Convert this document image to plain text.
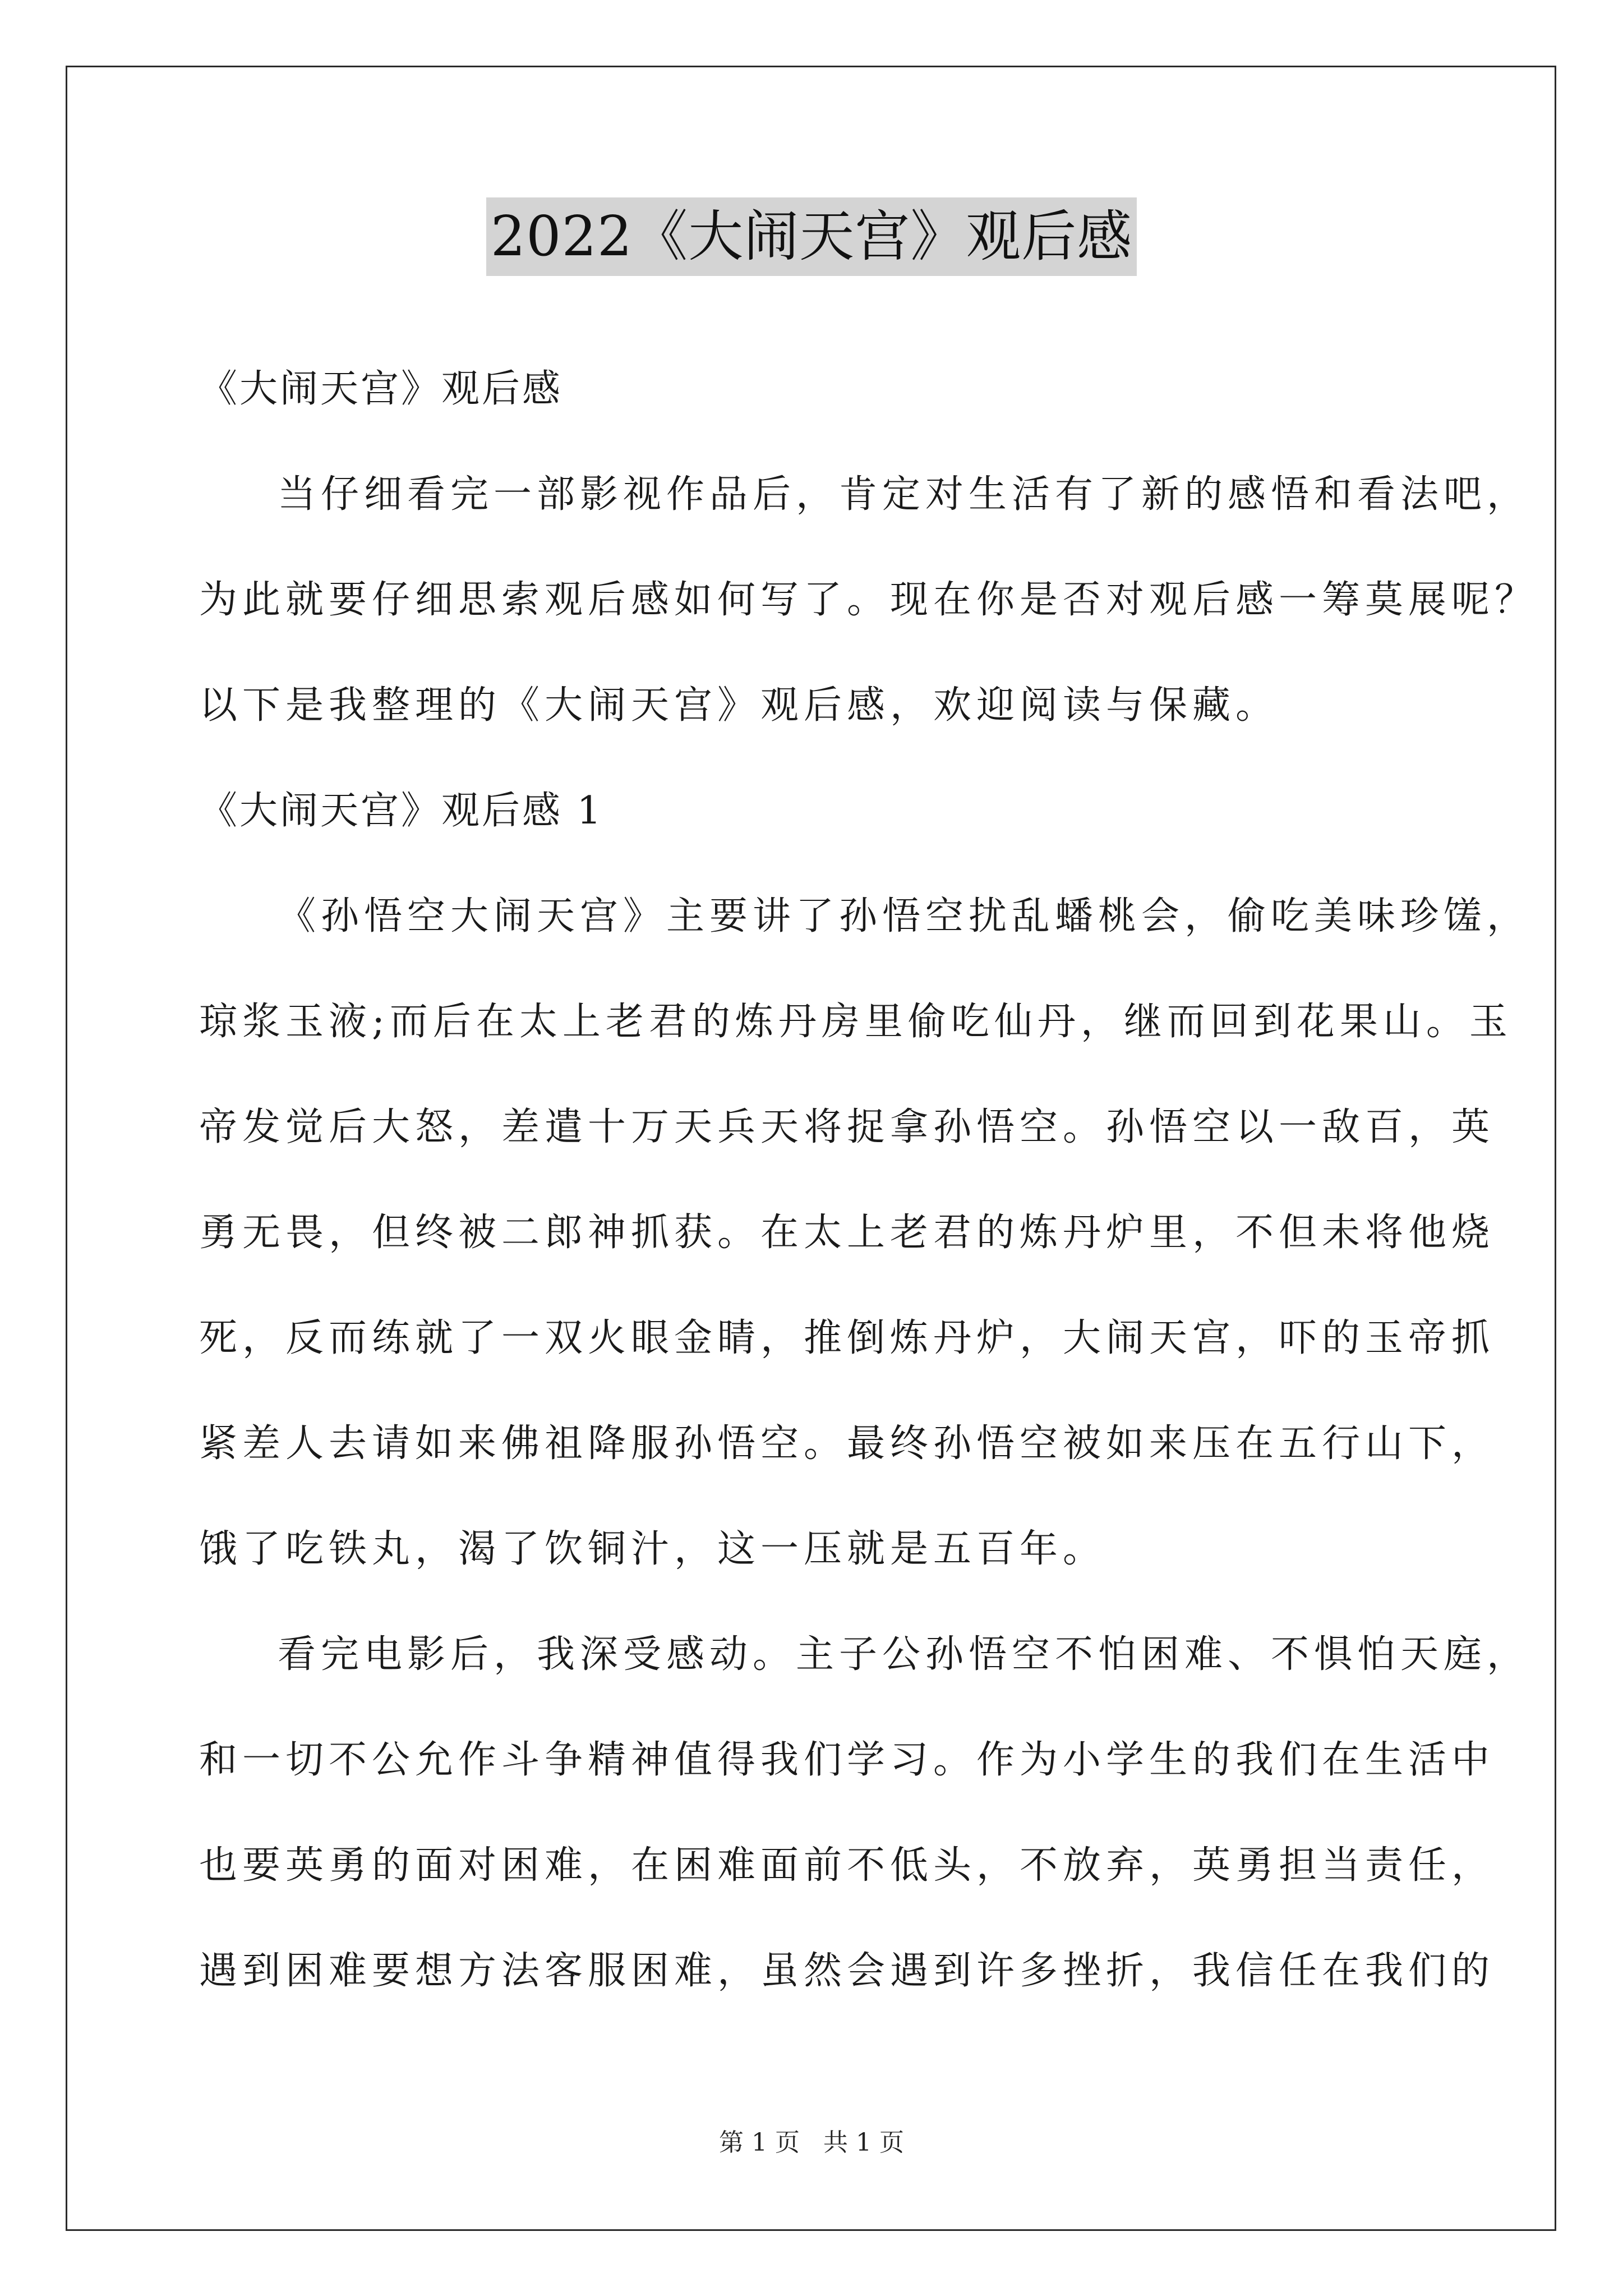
2022《大闹天宫》观后感
《大闹天宫》观后感
当仔细看完一部影视作品后，肯定对生活有了新的感悟和看法吧，
为此就要仔细思索观后感如何写了。现在你是否对观后感一筹莫展呢？
以下是我整理的《大闹天宫》观后感，欢迎阅读与保藏。
《大闹天宫》观后感 1
《孙悟空大闹天宫》主要讲了孙悟空扰乱蟠桃会，偷吃美味珍馐，
琼浆玉液;而后在太上老君的炼丹房里偷吃仙丹，继而回到花果山。玉
帝发觉后大怒，差遣十万天兵天将捉拿孙悟空。孙悟空以一敌百，英
勇无畏，但终被二郎神抓获。在太上老君的炼丹炉里，不但未将他烧
死，反而练就了一双火眼金睛，推倒炼丹炉，大闹天宫，吓的玉帝抓
紧差人去请如来佛祖降服孙悟空。最终孙悟空被如来压在五行山下，
饿了吃铁丸，渴了饮铜汁，这一压就是五百年。
看完电影后，我深受感动。主子公孙悟空不怕困难、不惧怕天庭，
和一切不公允作斗争精神值得我们学习。作为小学生的我们在生活中
也要英勇的面对困难，在困难面前不低头，不放弃，英勇担当责任，
遇到困难要想方法客服困难，虽然会遇到许多挫折，我信任在我们的
第 1 页 共 1 页
